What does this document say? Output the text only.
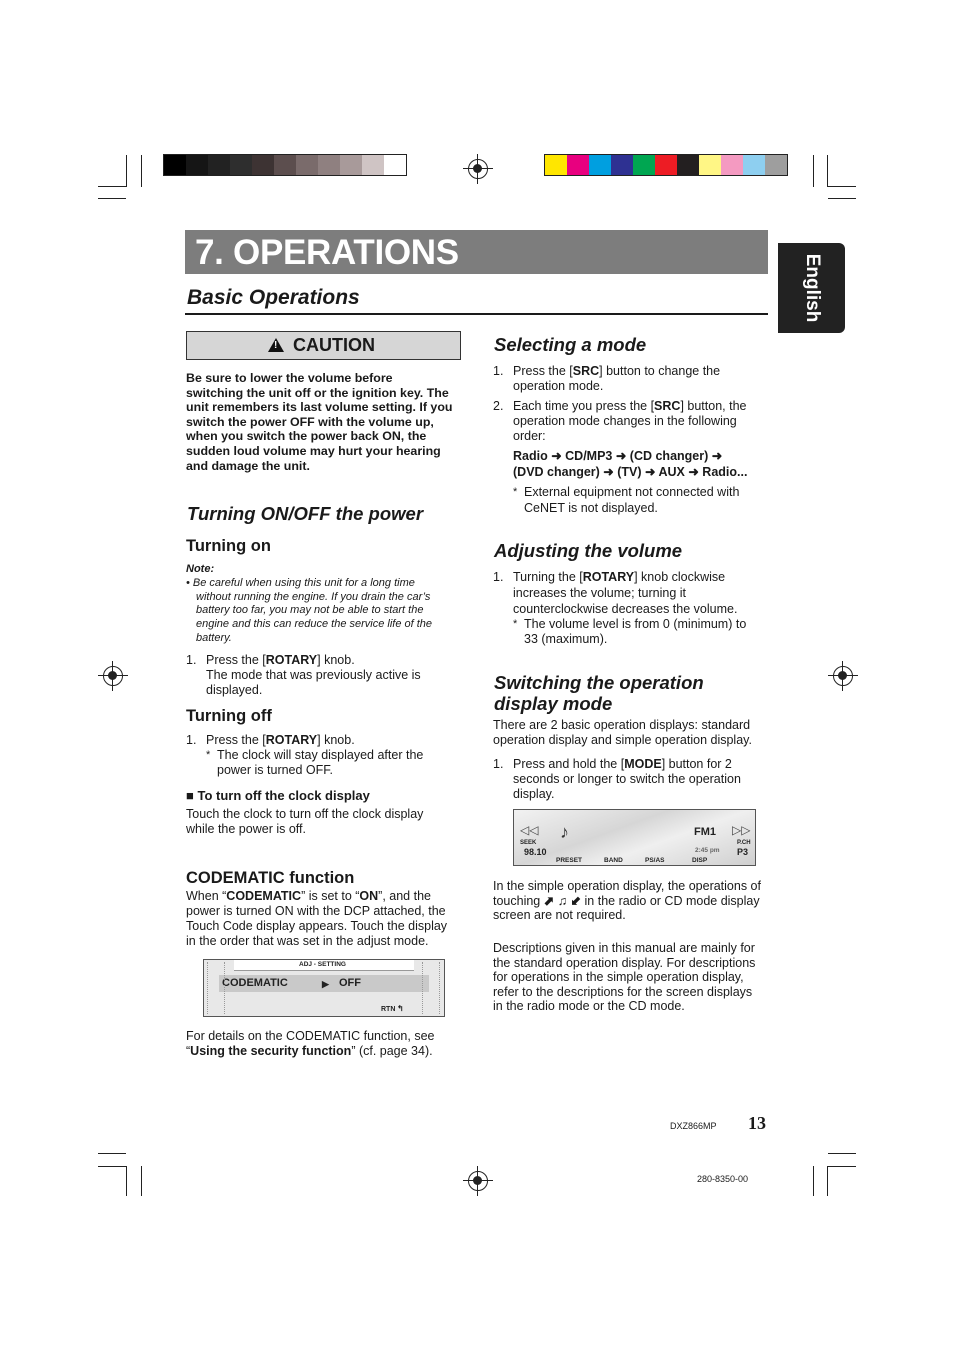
7. OPERATIONS
English
Basic Operations
!
CAUTION
Be sure to lower the volume before
switching the unit off or the ignition key. The
unit remembers its last volume setting. If you
switch the power OFF with the volume up,
when you switch the power back ON, the
sudden loud volume may hurt your hearing
and damage the unit.
Turning ON/OFF the power
Turning on
Note:
• Be careful when using this unit for a long time
without running the engine. If you drain the car’s
battery too far, you may not be able to start the
engine and this can reduce the service life of the
battery.
1. Press the [ROTARY] knob.
The mode that was previously active is
displayed.
Turning off
1. Press the [ROTARY] knob.
* The clock will stay displayed after the
power is turned OFF.
■ To turn off the clock display
Touch the clock to turn off the clock display
while the power is off.
CODEMATIC function
When “CODEMATIC” is set to “ON”, and the
power is turned ON with the DCP attached, the
Touch Code display appears. Touch the display
in the order that was set in the adjust mode.
ADJ - SETTING
CODEMATIC	▶ OFF
RTN ↰
For details on the CODEMATIC function, see
“Using the security function” (cf. page 34).
Selecting a mode
1. Press the [SRC] button to change the
operation mode.
2. Each time you press the [SRC] button, the
operation mode changes in the following
order:
Radio ➜ CD/MP3 ➜ (CD changer) ➜
(DVD changer) ➜ (TV) ➜ AUX ➜ Radio...
* External equipment not connected with
CeNET is not displayed.
Adjusting the volume
1. Turning the [ROTARY] knob clockwise
increases the volume; turning it
counterclockwise decreases the volume.
* The volume level is from 0 (minimum) to
33 (maximum).
Switching the operation
display mode
There are 2 basic operation displays: standard
operation display and simple operation display.
1. Press and hold the [MODE] button for 2
seconds or longer to switch the operation
display.
◁◁ ♪	FM1 ▷▷
SEEK
98.10
P.CH
P3
2:45 pm
PRESET	BAND	PS/AS	DISP
In the simple operation display, the operations of
touching ⬈ ♫ ⬋ in the radio or CD mode display
screen are not required.
Descriptions given in this manual are mainly for
the standard operation display. For descriptions
for operations in the simple operation display,
refer to the descriptions for the screen displays
in the radio mode or the CD mode.
DXZ866MP 13
280-8350-00
